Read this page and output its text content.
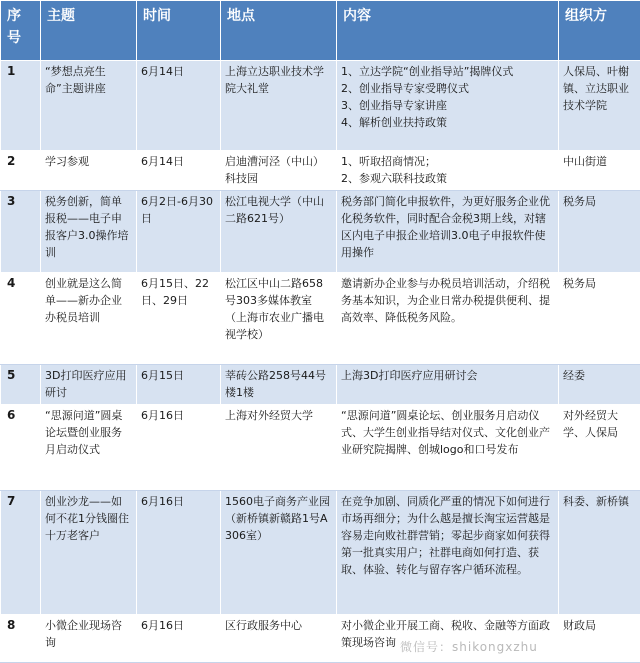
序号	主题	时间	地点	内容	组织方
1	“梦想点亮生命”主题讲座	6月14日	上海立达职业技术学院大礼堂	1、立达学院“创业指导站”揭牌仪式
2、创业指导专家受聘仪式
3、创业指导专家讲座
4、解析创业扶持政策	人保局、叶榭镇、立达职业技术学院
2	学习参观	6月14日	启迪漕河泾（中山）科技园	1、听取招商情况；
2、参观六联科技政策	中山街道
3	税务创新，简单报税——电子申报客户3.0操作培训	6月2日-6月30日	松江电视大学（中山二路621号）	税务部门简化申报软件，为更好服务企业优化税务软件，同时配合金税3期上线，对辖区内电子申报企业培训3.0电子申报软件使用操作	税务局
4	创业就是这么简单——新办企业办税员培训	6月15日、22日、29日	松江区中山二路658号303多媒体教室（上海市农业广播电视学校）	邀请新办企业参与办税员培训活动，介绍税务基本知识，为企业日常办税提供便利、提高效率、降低税务风险。	税务局
5	3D打印医疗应用研讨	6月15日	莘砖公路258号44号楼1楼	上海3D打印医疗应用研讨会	经委
6	“思源问道”圆桌论坛暨创业服务月启动仪式	6月16日	上海对外经贸大学	“思源问道”圆桌论坛、创业服务月启动仪式、大学生创业指导结对仪式、文化创业产业研究院揭牌、创城logo和口号发布	对外经贸大学、人保局
7	创业沙龙——如何不花1分钱圈住十万老客户	6月16日	1560电子商务产业园（新桥镇新赣路1号A306室）	在竞争加剧、同质化严重的情况下如何进行市场再细分；为什么越是擅长淘宝运营越是容易走向败社群营销；零起步商家如何获得第一批真实用户；社群电商如何打造、获取、体验、转化与留存客户循环流程。	科委、新桥镇
8	小微企业现场咨询	6月16日	区行政服务中心	对小微企业开展工商、税收、金融等方面政策现场咨询	财政局
微信号：shikongxzhu
